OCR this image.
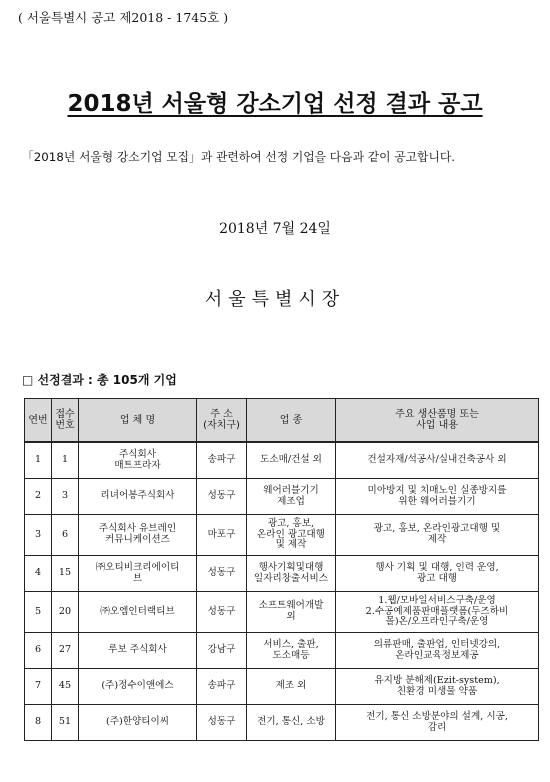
( 서울특별시 공고 제2018 - 1745호 )
2018년 서울형 강소기업 선정 결과 공고
「2018년 서울형 강소기업 모집」과 관련하여 선정 기업을 다음과 같이 공고합니다.
2018년 7월 24일
서울특별시장
□ 선정결과 : 총 105개 기업
연번	접수
번호	업 체 명	주 소
(자치구)	업 종	주요 생산품명 또는
사업 내용
1	1	주식회사
매트프라자	송파구	도소매/건설 외	건설자재/석공사/실내건축공사 외
2	3	리녀어봉주식회사	성동구	웨어러블기기
제조업	미아방지 및 치매노인 실종방지를
위한 웨어러블기기
3	6	주식회사 유브레인
커뮤니케이션즈	마포구	광고, 홍보,
온라인 광고대행
및 제작	광고, 홍보, 온라인광고대행 및
제작
4	15	㈜오티비크리에이티
브	성동구	행사기획및대행
일자리창출서비스	행사 기획 및 대행, 인력 운영,
광고 대행
5	20	㈜오엠인터랙티브	성동구	소프트웨어개발
외	1.웹/모바일서비스구축/운영
2.수공예제품판매플랫폼(두즈하비
몰)온/오프라인구축/운영
6	27	루보 주식회사	강남구	서비스, 출판,
도소매등	의류판매, 출판업, 인터넷강의,
온라인교육정보제공
7	45	(주)정수이앤에스	송파구	제조 외	유지방 분해제(Ezit-system),
친환경 미생물 약품
8	51	(주)한양티이씨	성동구	전기, 통신, 소방	전기, 통신 소방분야의 설계, 시공,
감리
